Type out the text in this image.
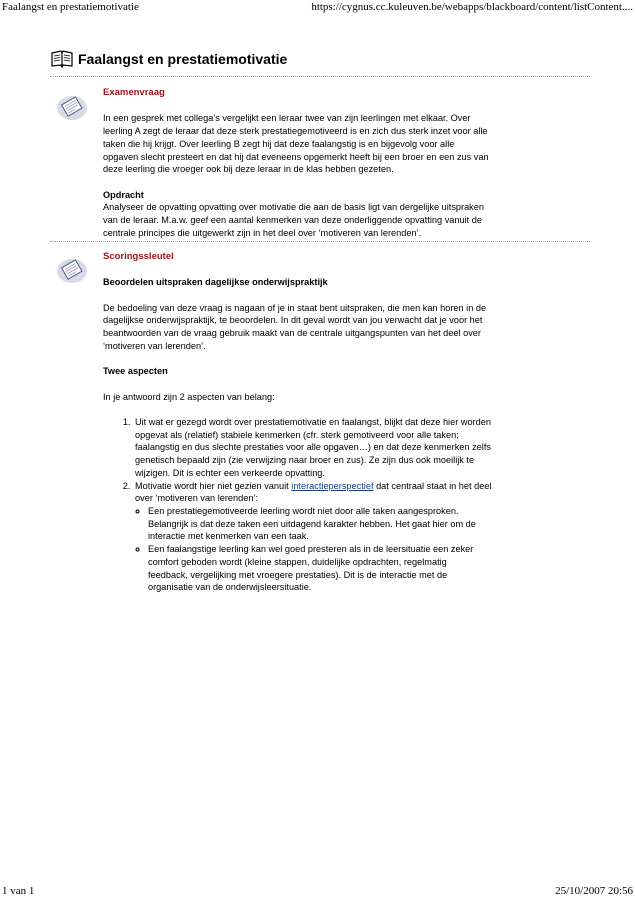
Faalangst en prestatiemotivatie	https://cygnus.cc.kuleuven.be/webapps/blackboard/content/listContent....
Faalangst en prestatiemotivatie

Examenvraag

In een gesprek met collega’s vergelijkt een leraar twee van zijn leerlingen met elkaar. Over

leerling A zegt de leraar dat deze sterk prestatiegemotiveerd is en zich dus sterk inzet voor alle

taken die hij krijgt. Over leerling B zegt hij dat deze faalangstig is en bijgevolg voor alle

opgaven slecht presteert en dat hij dat eveneens opgemerkt heeft bij een broer en een zus van

deze leerling die vroeger ook bij deze leraar in de klas hebben gezeten.

Opdracht

Analyseer de opvatting opvatting over motivatie die aan de basis ligt van dergelijke uitspraken

van de leraar. M.a.w. geef een aantal kenmerken van deze onderliggende opvatting vanuit de

centrale principes die uitgewerkt zijn in het deel over ‘motiveren van lerenden’.

Scoringssleutel

Beoordelen uitspraken dagelijkse onderwijspraktijk

De bedoeling van deze vraag is nagaan of je in staat bent uitspraken, die men kan horen in de

dagelijkse onderwijspraktijk, te beoordelen. In dit geval wordt van jou verwacht dat je voor het

beantwoorden van de vraag gebruik maakt van de centrale uitgangspunten van het deel over

‘motiveren van lerenden’.

Twee aspecten

In je antwoord zijn 2 aspecten van belang:

1. Uit wat er gezegd wordt over prestatiemotivatie en faalangst, blijkt dat deze hier worden
opgevat als (relatief) stabiele kenmerken (cfr. sterk gemotiveerd voor alle taken;
faalangstig en dus slechte prestaties voor alle opgaven…) en dat deze kenmerken zelfs
genetisch bepaald zijn (zie verwijzing naar broer en zus). Ze zijn dus ook moeilijk te
wijzigen. Dit is echter een verkeerde opvatting.
2. Motivatie wordt hier niet gezien vanuit interactieperspectief dat centraal staat in het deel
over ‘motiveren van lerenden’:
◦ Een prestatiegemotiveerde leerling wordt niet door alle taken aangesproken.
Belangrijk is dat deze taken een uitdagend karakter hebben. Het gaat hier om de
interactie met kenmerken van een taak.
◦ Een faalangstige leerling kan wel goed presteren als in de leersituatie een zeker
comfort geboden wordt (kleine stappen, duidelijke opdrachten, regelmatig
feedback, vergelijking met vroegere prestaties). Dit is de interactie met de
organisatie van de onderwijsleersituatie.
1 van 1	25/10/2007 20:56
